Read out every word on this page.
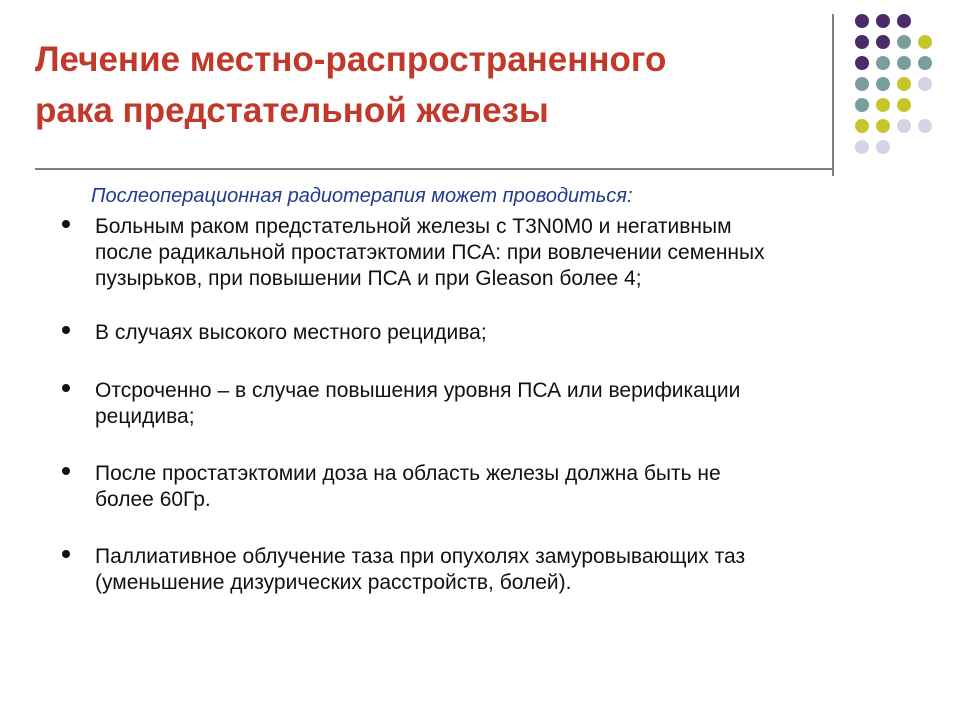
Лечение местно-распространенного
рака предстательной железы
Послеоперационная радиотерапия может проводиться:
Больным раком предстательной железы с T3N0M0 и негативным
после радикальной простатэктомии ПСА: при вовлечении семенных
пузырьков, при повышении ПСА и при Gleason более 4;
В случаях высокого местного рецидива;
Отсроченно – в случае повышения уровня ПСА или верификации
рецидива;
После простатэктомии доза на область железы должна быть не
более 60Гр.
Паллиативное облучение таза при опухолях замуровывающих таз
(уменьшение дизурических расстройств, болей).
